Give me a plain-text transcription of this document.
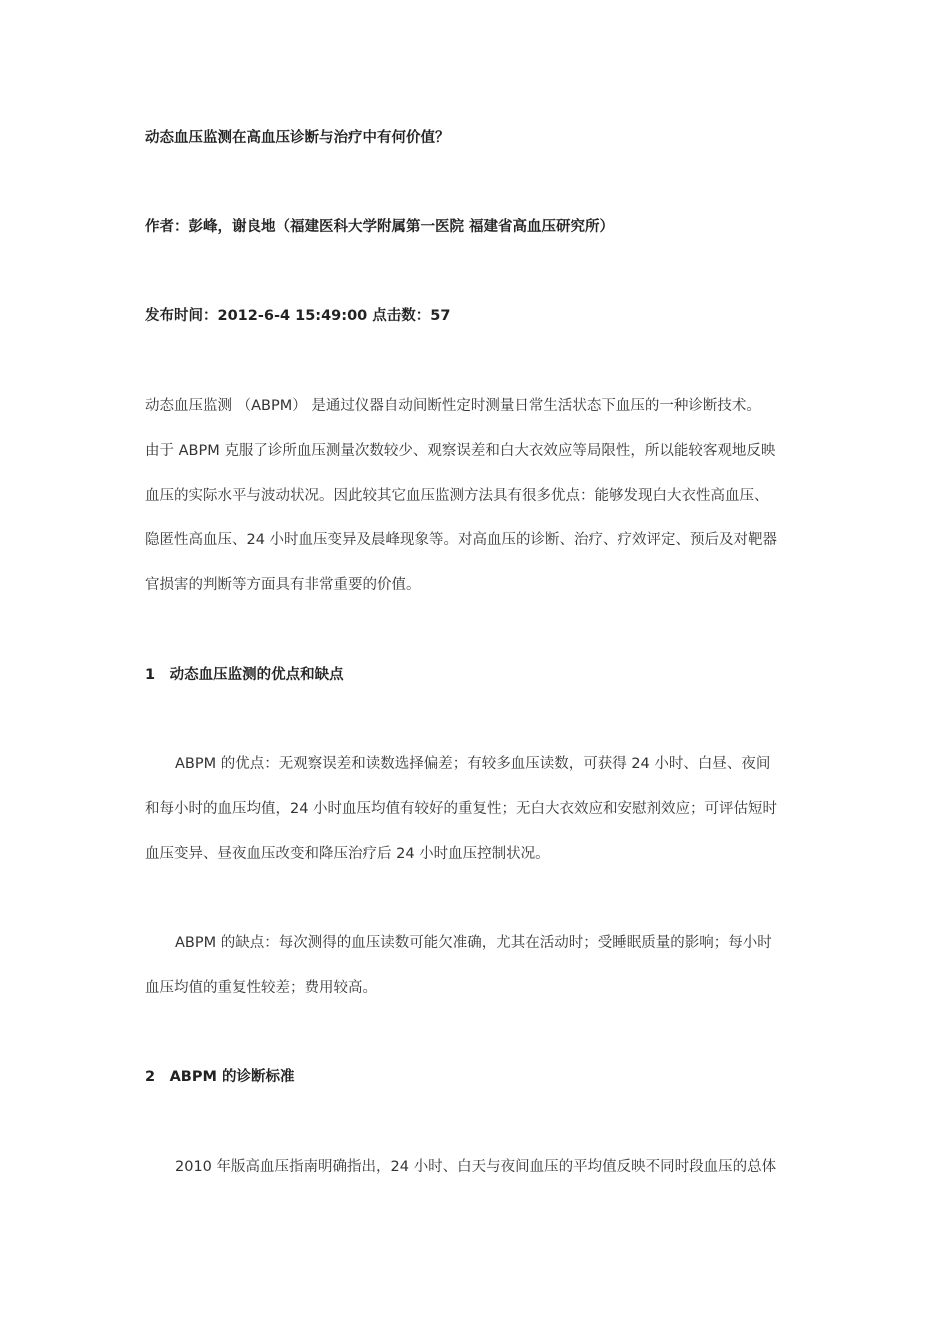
动态血压监测在高血压诊断与治疗中有何价值？
作者：彭峰，谢良地（福建医科大学附属第一医院 福建省高血压研究所）
发布时间：2012-6-4 15:49:00 点击数：57
动态血压监测 （ABPM） 是通过仪器自动间断性定时测量日常生活状态下血压的一种诊断技术。
由于 ABPM 克服了诊所血压测量次数较少、观察误差和白大衣效应等局限性，所以能较客观地反映
血压的实际水平与波动状况。因此较其它血压监测方法具有很多优点：能够发现白大衣性高血压、
隐匿性高血压、24 小时血压变异及晨峰现象等。对高血压的诊断、治疗、疗效评定、预后及对靶器
官损害的判断等方面具有非常重要的价值。
1　动态血压监测的优点和缺点
ABPM 的优点：无观察误差和读数选择偏差；有较多血压读数，可获得 24 小时、白昼、夜间
和每小时的血压均值，24 小时血压均值有较好的重复性；无白大衣效应和安慰剂效应；可评估短时
血压变异、昼夜血压改变和降压治疗后 24 小时血压控制状况。
ABPM 的缺点：每次测得的血压读数可能欠准确，尤其在活动时；受睡眠质量的影响；每小时
血压均值的重复性较差；费用较高。
2　ABPM 的诊断标准
2010 年版高血压指南明确指出，24 小时、白天与夜间血压的平均值反映不同时段血压的总体
